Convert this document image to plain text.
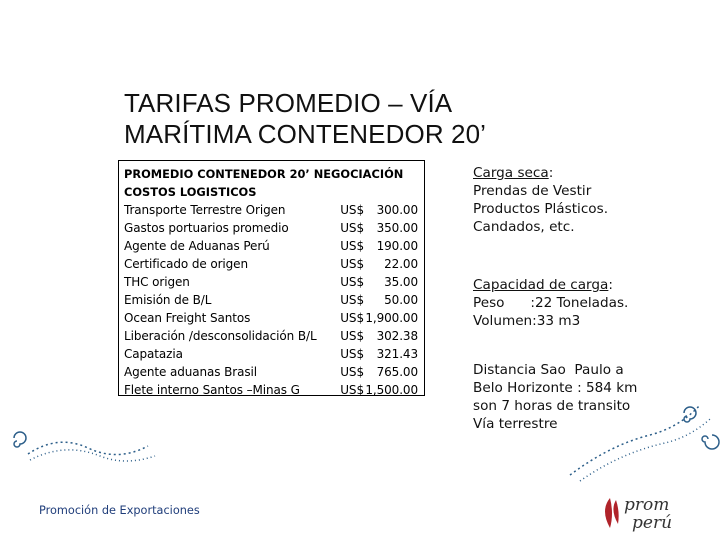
TARIFAS PROMEDIO – VÍA
MARÍTIMA CONTENEDOR 20’
PROMEDIO CONTENEDOR 20’ NEGOCIACIÓN
COSTOS LOGISTICOS
Transporte Terrestre Origen	US$	300.00
Gastos portuarios promedio	US$	350.00
Agente de Aduanas Perú	US$	190.00
Certificado de origen	US$	22.00
THC origen	US$	35.00
Emisión de B/L	US$	50.00
Ocean Freight Santos	US$ 1,900.00
Liberación /desconsolidación B/L	US$	302.38
Capatazia	US$	321.43
Agente aduanas Brasil	US$	765.00
Flete interno Santos –Minas G	US$ 1,500.00
Carga seca:
Prendas de Vestir
Productos Plásticos.
Candados, etc.
Capacidad de carga:
Peso      :22 Toneladas.
Volumen:33 m3
Distancia Sao  Paulo a
Belo Horizonte : 584 km
son 7 horas de transito
Vía terrestre
Promoción de Exportaciones	prom
perú
